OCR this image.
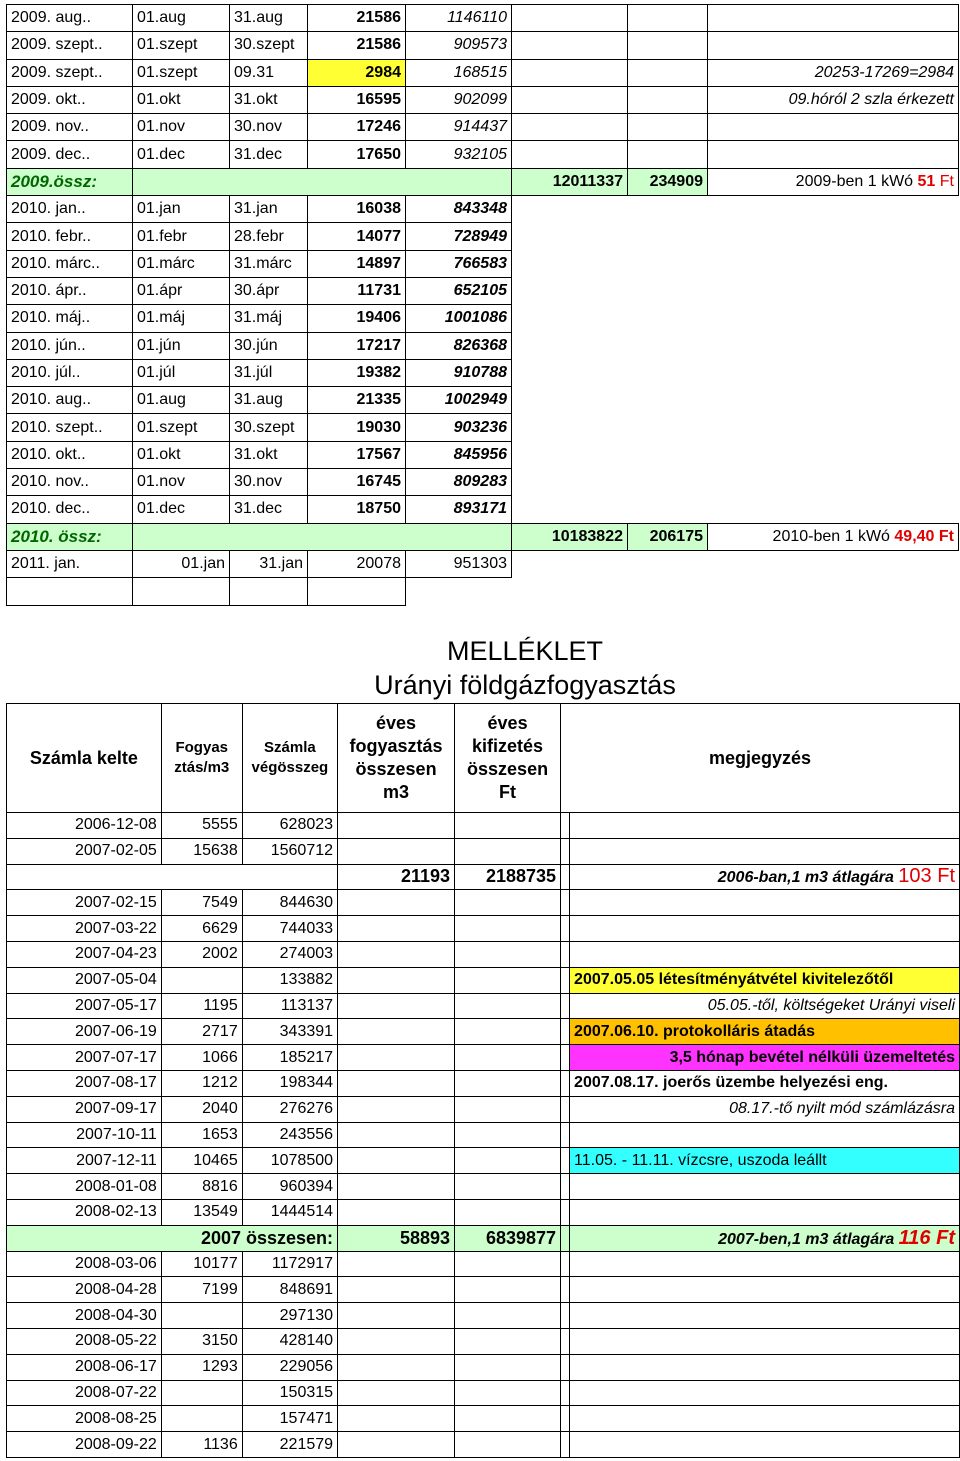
2009. aug..	01.aug	31.aug	21586	1146110			
2009. szept..	01.szept	30.szept	21586	909573			
2009. szept..	01.szept	09.31	2984	168515			20253-17269=2984
2009. okt..	01.okt	31.okt	16595	902099			09.hóról 2 szla érkezett
2009. nov..	01.nov	30.nov	17246	914437			
2009. dec..	01.dec	31.dec	17650	932105			
2009.össz:					12011337	234909	2009-ben 1 kWó 51 Ft
2010. jan..	01.jan	31.jan	16038	843348			
2010. febr..	01.febr	28.febr	14077	728949			
2010. márc..	01.márc	31.márc	14897	766583			
2010. ápr..	01.ápr	30.ápr	11731	652105			
2010. máj..	01.máj	31.máj	19406	1001086			
2010. jún..	01.jún	30.jún	17217	826368			
2010. júl..	01.júl	31.júl	19382	910788			
2010. aug..	01.aug	31.aug	21335	1002949			
2010. szept..	01.szept	30.szept	19030	903236			
2010. okt..	01.okt	31.okt	17567	845956			
2010. nov..	01.nov	30.nov	16745	809283			
2010. dec..	01.dec	31.dec	18750	893171			
2010. össz:					10183822	206175	2010-ben 1 kWó 49,40 Ft
2011. jan.	01.jan	31.jan	20078	951303			

MELLÉKLET
Urányi földgázfogyasztás
Számla kelte	Fogyas ztás/m3	Számla végösszeg	éves fogyasztás összesen m3	éves kifizetés összesen Ft	megjegyzés	
2006-12-08	5555	628023				
2007-02-05	15638	1560712				
			21193	2188735		2006-ban,1 m3 átlagára 103 Ft
2007-02-15	7549	844630				
2007-03-22	6629	744033				
2007-04-23	2002	274003				
2007-05-04		133882				2007.05.05 létesítményátvétel kivitelezőtől
2007-05-17	1195	113137				05.05.-től, költségeket Urányi viseli
2007-06-19	2717	343391				2007.06.10. protokolláris átadás
2007-07-17	1066	185217				3,5 hónap bevétel nélküli üzemeltetés
2007-08-17	1212	198344				2007.08.17. joerős üzembe helyezési eng.
2007-09-17	2040	276276				08.17.-tő nyilt mód számlázásra
2007-10-11	1653	243556				
2007-12-11	10465	1078500				11.05. - 11.11. vízcsre, uszoda leállt
2008-01-08	8816	960394				
2008-02-13	13549	1444514				
2007 összesen:			58893	6839877		2007-ben,1 m3 átlagára 116 Ft
2008-03-06	10177	1172917				
2008-04-28	7199	848691				
2008-04-30		297130				
2008-05-22	3150	428140				
2008-06-17	1293	229056				
2008-07-22		150315				
2008-08-25		157471				
2008-09-22	1136	221579				
